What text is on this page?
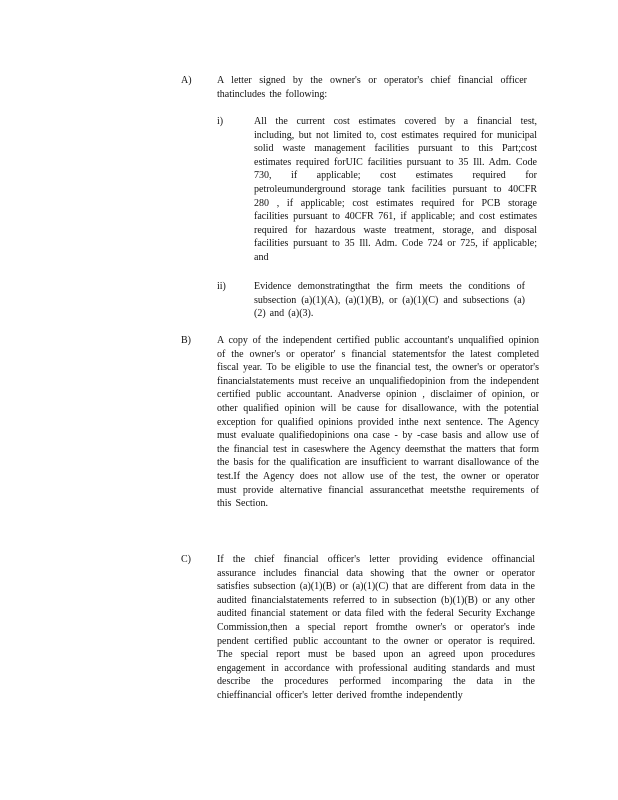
A)	A letter signed by the owner's or operator's chief financial officer thatincludes the following:
i)	All the current cost estimates covered by a financial test, including, but not limited to, cost estimates required for municipal solid waste management facilities pursuant to this Part;cost estimates required forUIC facilities pursuant to 35 Ill. Adm. Code 730, if applicable; cost estimates required for petroleumunderground storage tank facilities pursuant to 40CFR 280 , if applicable; cost estimates required for PCB storage facilities pursuant to 40CFR 761, if applicable; and cost estimates required for hazardous waste treatment, storage, and disposal facilities pursuant to 35 Ill. Adm. Code 724 or 725, if applicable; and
ii)	Evidence demonstratingthat the firm meets the conditions of subsection (a)(1)(A), (a)(1)(B), or (a)(1)(C) and subsections (a)(2) and (a)(3).
B)	A copy of the independent certified public accountant's unqualified opinion of the owner's or operator' s financial statementsfor the latest completed fiscal year. To be eligible to use the financial test, the owner's or operator's financialstatements must receive an unqualifiedopinion from the independent certified public accountant. Anadverse opinion , disclaimer of opinion, or other qualified opinion will be cause for disallowance, with the potential exception for qualified opinions provided inthe next sentence. The Agency must evaluate qualifiedopinions ona case - by -case basis and allow use of the financial test in caseswhere the Agency deemsthat the matters that form the basis for the qualification are insufficient to warrant disallowance of the test.If the Agency does not allow use of the test, the owner or operator must provide alternative financial assurancethat meetsthe requirements of this Section.
C)	If the chief financial officer's letter providing evidence offinancial assurance includes financial data showing that the owner or operator satisfies subsection (a)(1)(B) or (a)(1)(C) that are different from data in the audited financialstatements referred to in subsection (b)(1)(B) or any other audited financial statement or data filed with the federal Security Exchange Commission,then a special report fromthe owner's or operator's inde pendent certified public accountant to the owner or operator is required. The special report must be based upon an agreed upon procedures engagement in accordance with professional auditing standards and must describe the procedures performed incomparing the data in the chieffinancial officer's letter derived fromthe independently
